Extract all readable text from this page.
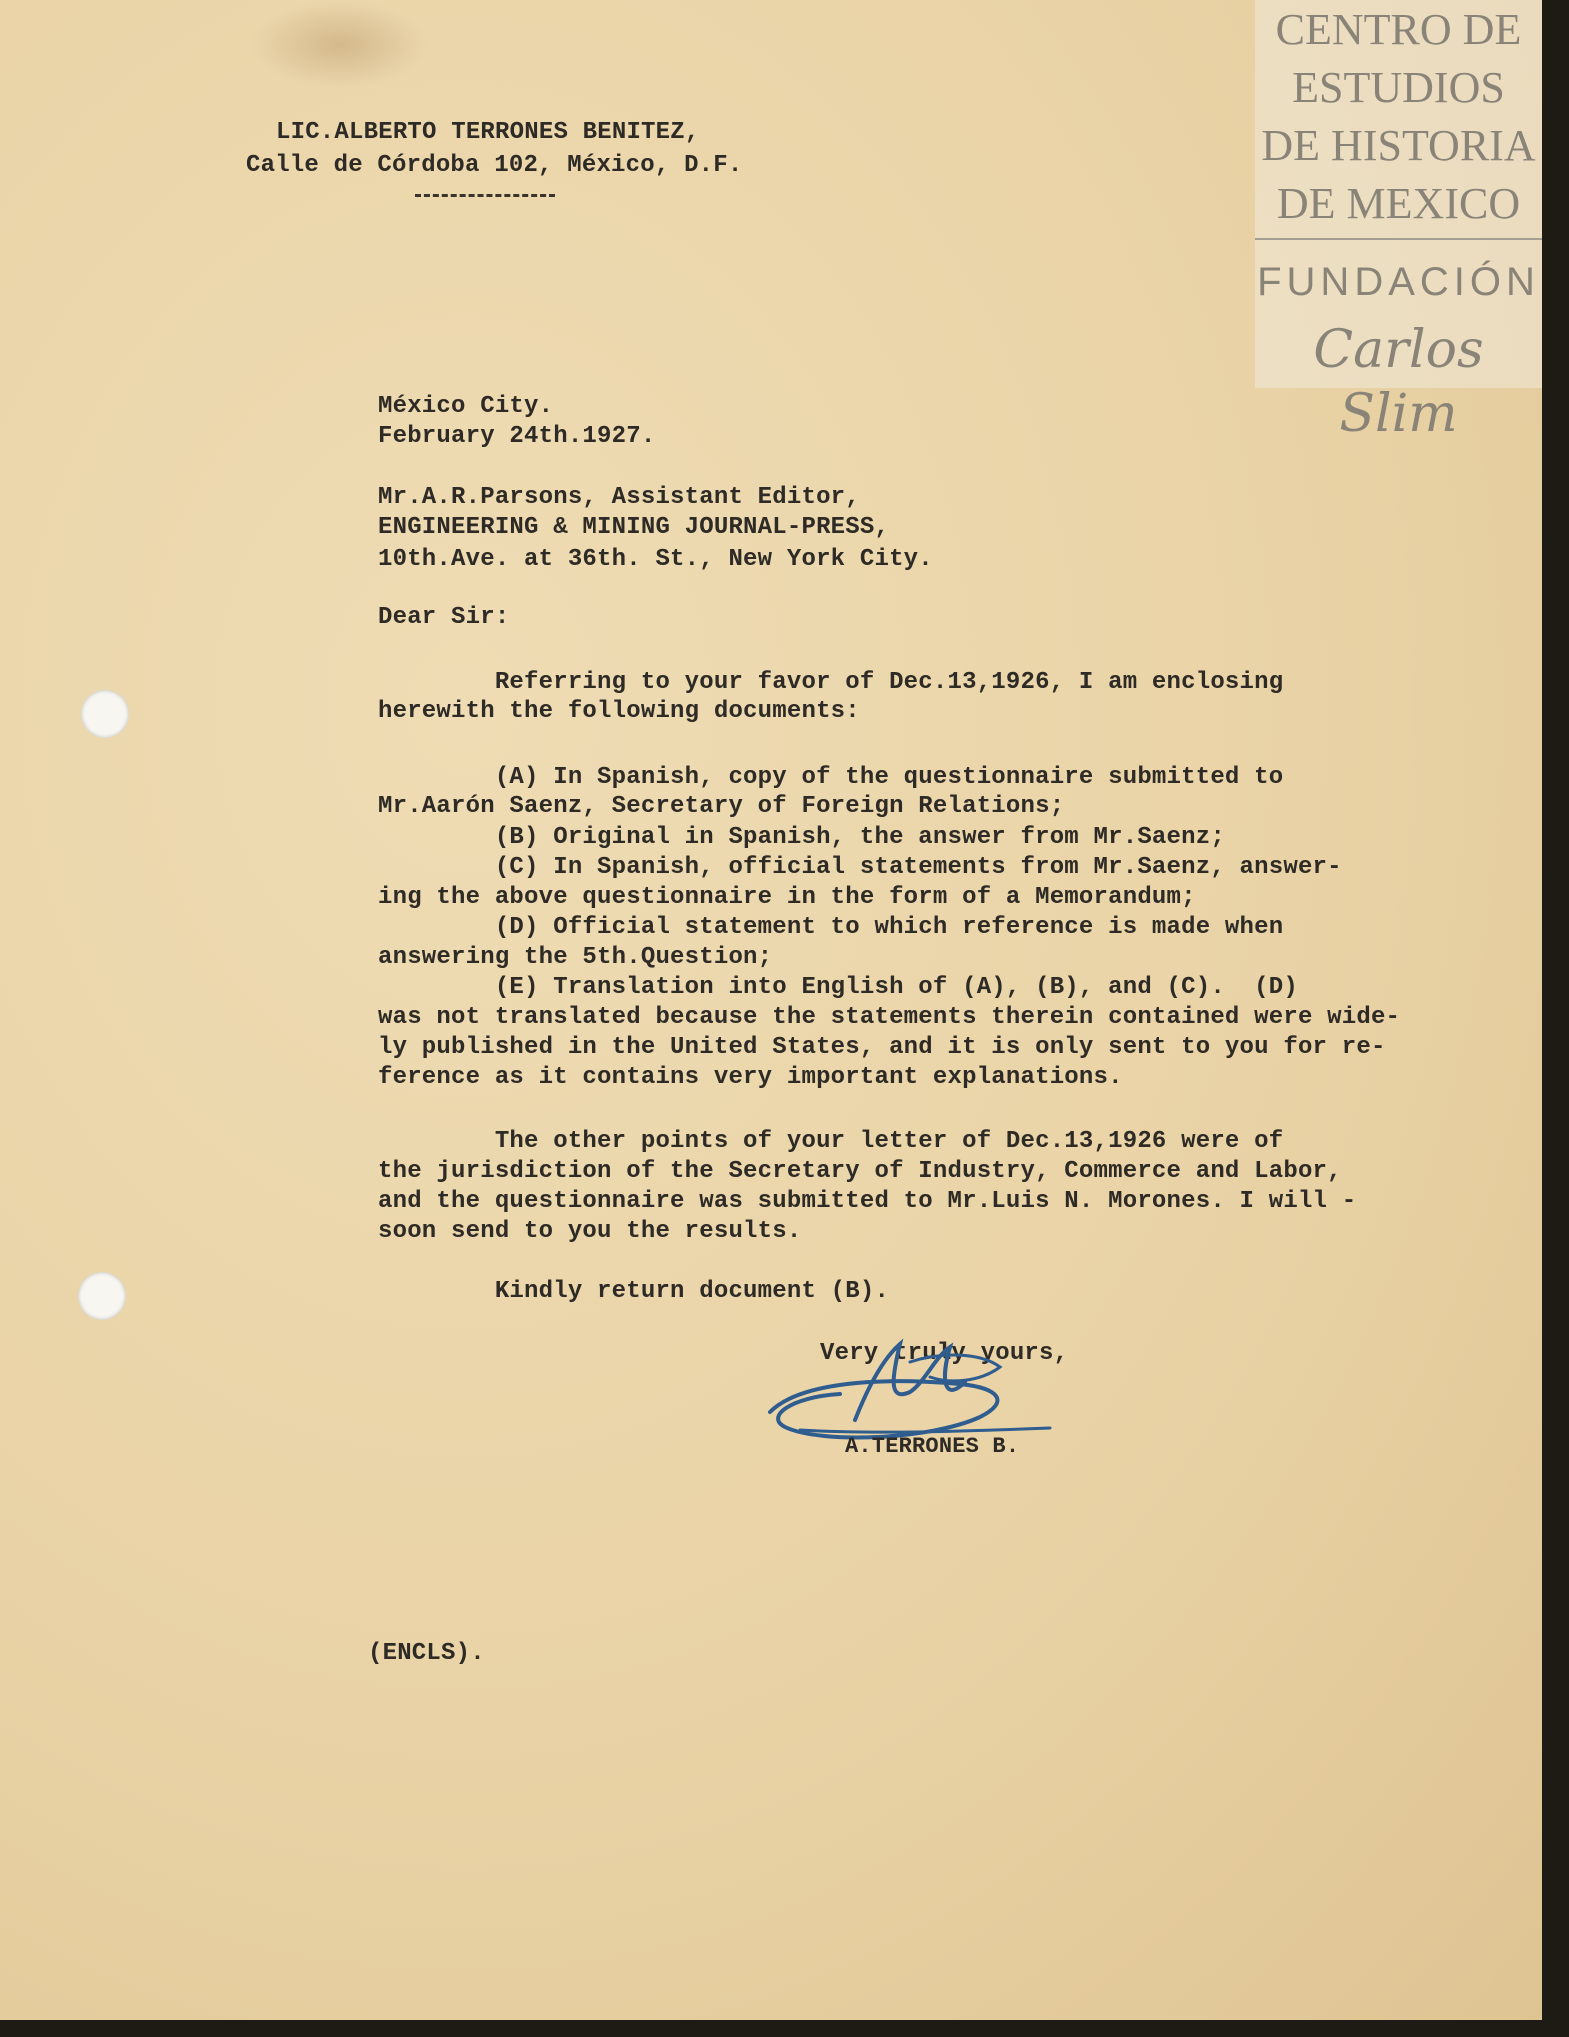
LIC.ALBERTO TERRONES BENITEZ,
Calle de Córdoba 102, México, D.F.
CENTRO DE
ESTUDIOS
DE HISTORIA
DE MEXICO
FUNDACIÓN
Carlos Slim
México City.
February 24th.1927.
Mr.A.R.Parsons, Assistant Editor,
ENGINEERING & MINING JOURNAL-PRESS,
10th.Ave. at 36th. St., New York City.
Dear Sir:
Referring to your favor of Dec.13,1926, I am enclosing
herewith the following documents:
(A) In Spanish, copy of the questionnaire submitted to
Mr.Aarón Saenz, Secretary of Foreign Relations;
(B) Original in Spanish, the answer from Mr.Saenz;
(C) In Spanish, official statements from Mr.Saenz, answer-
ing the above questionnaire in the form of a Memorandum;
(D) Official statement to which reference is made when
answering the 5th.Question;
(E) Translation into English of (A), (B), and (C).  (D)
was not translated because the statements therein contained were wide-
ly published in the United States, and it is only sent to you for re-
ference as it contains very important explanations.
The other points of your letter of Dec.13,1926 were of
the jurisdiction of the Secretary of Industry, Commerce and Labor,
and the questionnaire was submitted to Mr.Luis N. Morones. I will -
soon send to you the results.
Kindly return document (B).
Very truly yours,
A.TERRONES B.
(ENCLS).
